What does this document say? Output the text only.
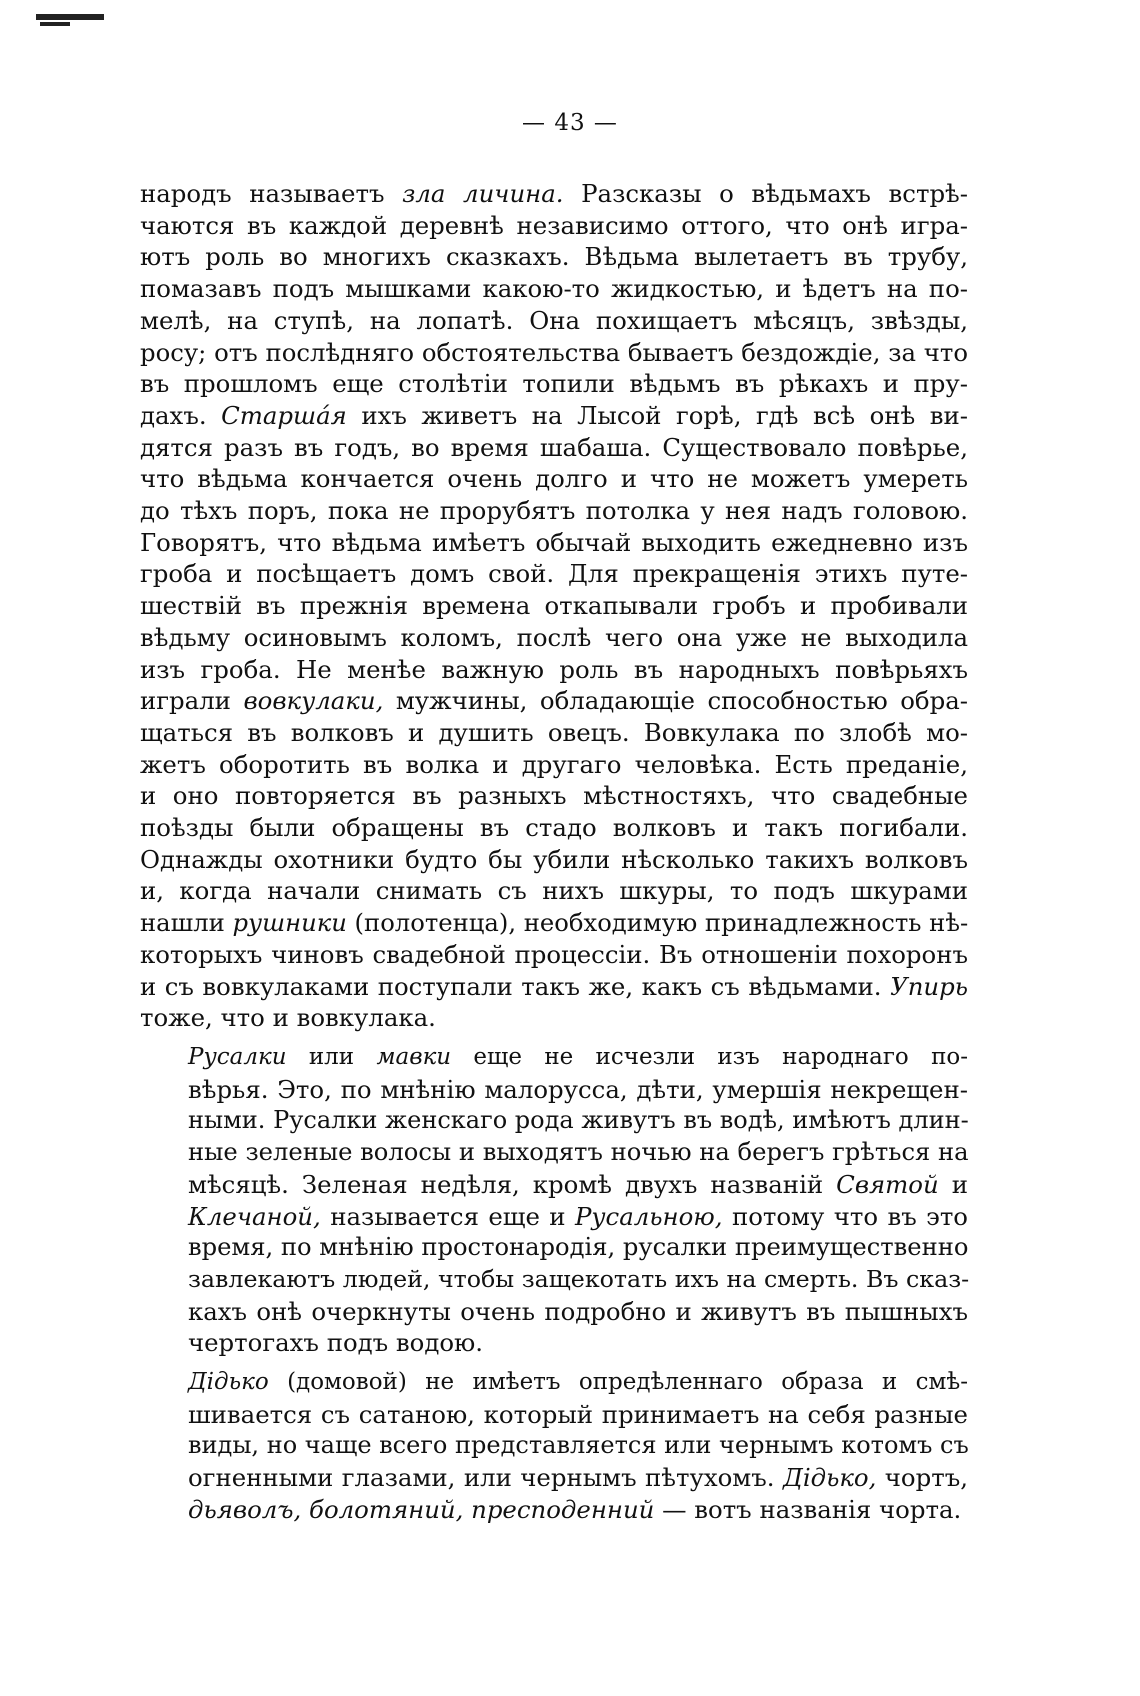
— 43 —

народъ называетъ зла личина. Разсказы о вѣдьмахъ встрѣ-
чаются въ каждой деревнѣ независимо оттого, что онѣ игра-
ютъ роль во многихъ сказкахъ. Вѣдьма вылетаетъ въ трубу,
помазавъ подъ мышками какою-то жидкостью, и ѣдетъ на по-
мелѣ, на ступѣ, на лопатѣ. Она похищаетъ мѣсяцъ, звѣзды,
росу; отъ послѣдняго обстоятельства бываетъ бездождіе, за что
въ прошломъ еще столѣтіи топили вѣдьмъ въ рѣкахъ и пру-
дахъ. Старшáя ихъ живетъ на Лысой горѣ, гдѣ всѣ онѣ ви-
дятся разъ въ годъ, во время шабаша. Существовало повѣрье,
что вѣдьма кончается очень долго и что не можетъ умереть
до тѣхъ поръ, пока не прорубятъ потолка у нея надъ головою.
Говорятъ, что вѣдьма имѣетъ обычай выходить ежедневно изъ
гроба и посѣщаетъ домъ свой. Для прекращенія этихъ путе-
шествій въ прежнія времена откапывали гробъ и пробивали
вѣдьму осиновымъ коломъ, послѣ чего она уже не выходила
изъ гроба. Не менѣе важную роль въ народныхъ повѣрьяхъ
играли вовкулаки, мужчины, обладающіе способностью обра-
щаться въ волковъ и душить овецъ. Вовкулака по злобѣ мо-
жетъ оборотить въ волка и другаго человѣка. Есть преданіе,
и оно повторяется въ разныхъ мѣстностяхъ, что свадебные
поѣзды были обращены въ стадо волковъ и такъ погибали.
Однажды охотники будто бы убили нѣсколько такихъ волковъ
и, когда начали снимать съ нихъ шкуры, то подъ шкурами
нашли рушники (полотенца), необходимую принадлежность нѣ-
которыхъ чиновъ свадебной процессіи. Въ отношеніи похоронъ
и съ вовкулаками поступали такъ же, какъ съ вѣдьмами. Упирь
тоже, что и вовкулака.

Русалки или мавки еще не исчезли изъ народнаго по-
вѣрья. Это, по мнѣнію малорусса, дѣти, умершія некрещен-
ными. Русалки женскаго рода живутъ въ водѣ, имѣютъ длин-
ные зеленые волосы и выходятъ ночью на берегъ грѣться на
мѣсяцѣ. Зеленая недѣля, кромѣ двухъ названій Святой и
Клечаной, называется еще и Русальною, потому что въ это
время, по мнѣнію простонародія, русалки преимущественно
завлекаютъ людей, чтобы защекотать ихъ на смерть. Въ сказ-
кахъ онѣ очеркнуты очень подробно и живутъ въ пышныхъ
чертогахъ подъ водою.

Дідько (домовой) не имѣетъ опредѣленнаго образа и смѣ-
шивается съ сатаною, который принимаетъ на себя разные
виды, но чаще всего представляется или чернымъ котомъ съ
огненными глазами, или чернымъ пѣтухомъ. Дідько, чортъ,
дьяволъ, болотяний, пресподенний — вотъ названія чорта.
